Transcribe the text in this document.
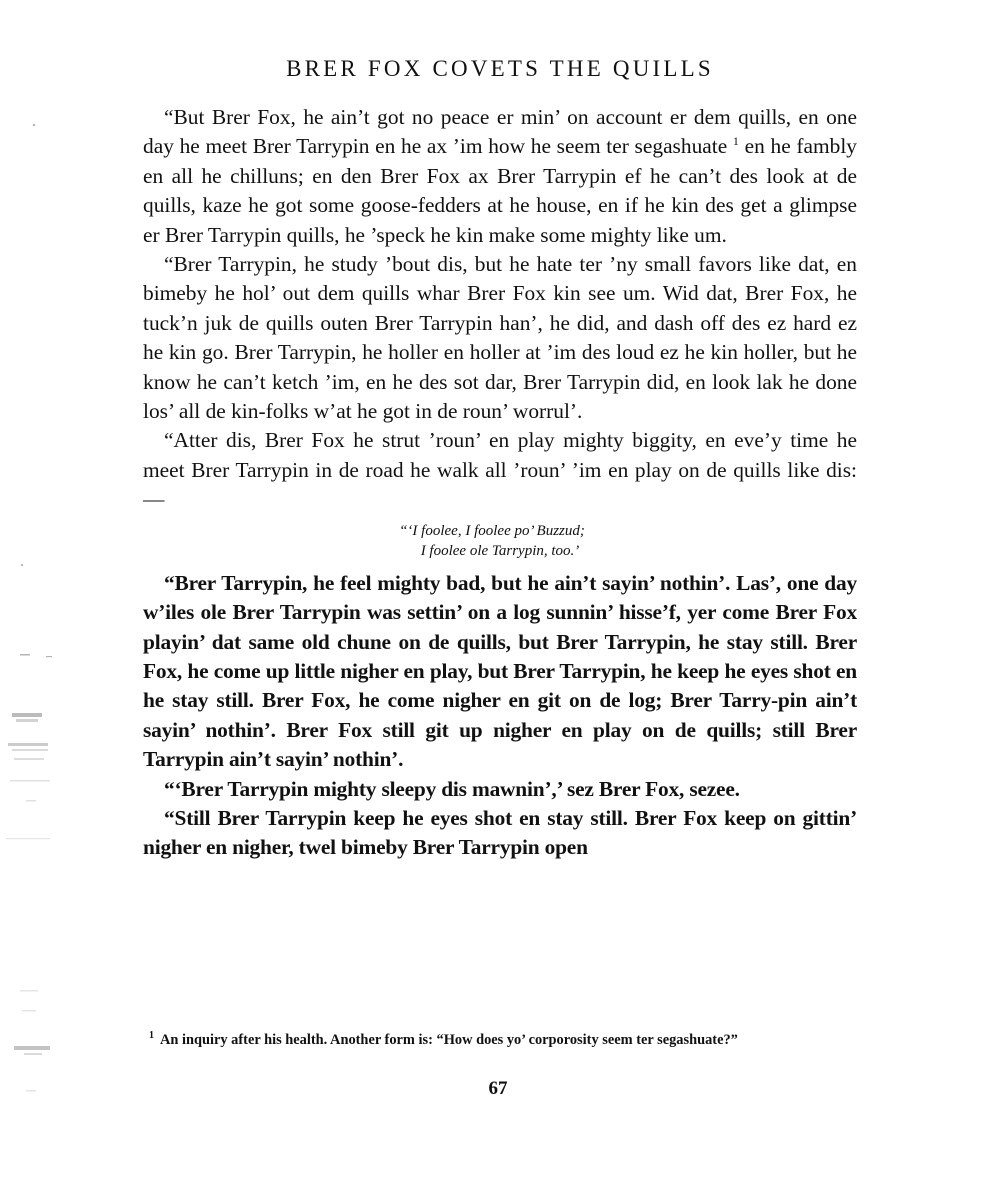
BRER FOX COVETS THE QUILLS

“But Brer Fox, he ain’t got no peace er min’ on account er dem quills, en one day he meet Brer Tarrypin en he ax ’im how he seem ter segashuate $^1$ en he fambly en all he chilluns; en den Brer Fox ax Brer Tarrypin ef he can’t des look at de quills, kaze he got some goose-fedders at he house, en if he kin des get a glimpse er Brer Tarrypin quills, he ’speck he kin make some mighty like um.

“Brer Tarrypin, he study ’bout dis, but he hate ter ’ny small favors like dat, en bimeby he hol’ out dem quills whar Brer Fox kin see um. Wid dat, Brer Fox, he tuck’n juk de quills outen Brer Tarrypin han’, he did, and dash off des ez hard ez he kin go. Brer Tarrypin, he holler en holler at ’im des loud ez he kin holler, but he know he can’t ketch ’im, en he des sot dar, Brer Tarrypin did, en look lak he done los’ all de kin-folks w’at he got in de roun’ worrul’.

“Atter dis, Brer Fox he strut ’roun’ en play mighty biggity, en eve’y time he meet Brer Tarrypin in de road he walk all ’roun’ ’im en play on de quills like dis: —

“‘I foolee, I foolee po’ Buzzud;
I foolee ole Tarrypin, too.’

“Brer Tarrypin, he feel mighty bad, but he ain’t sayin’ nothin’. Las’, one day w’iles ole Brer Tarrypin was settin’ on a log sunnin’ hisse’f, yer come Brer Fox playin’ dat same old chune on de quills, but Brer Tarrypin, he stay still. Brer Fox, he come up little nigher en play, but Brer Tarrypin, he keep he eyes shot en he stay still. Brer Fox, he come nigher en git on de log; Brer Tarry-pin ain’t sayin’ nothin’. Brer Fox still git up nigher en play on de quills; still Brer Tarrypin ain’t sayin’ nothin’.

“‘Brer Tarrypin mighty sleepy dis mawnin’,’ sez Brer Fox, sezee.

“Still Brer Tarrypin keep he eyes shot en stay still. Brer Fox keep on gittin’ nigher en nigher, twel bimeby Brer Tarrypin open

$^1$ An inquiry after his health. Another form is: “How does yo’ corporosity seem ter segashuate?”
67
